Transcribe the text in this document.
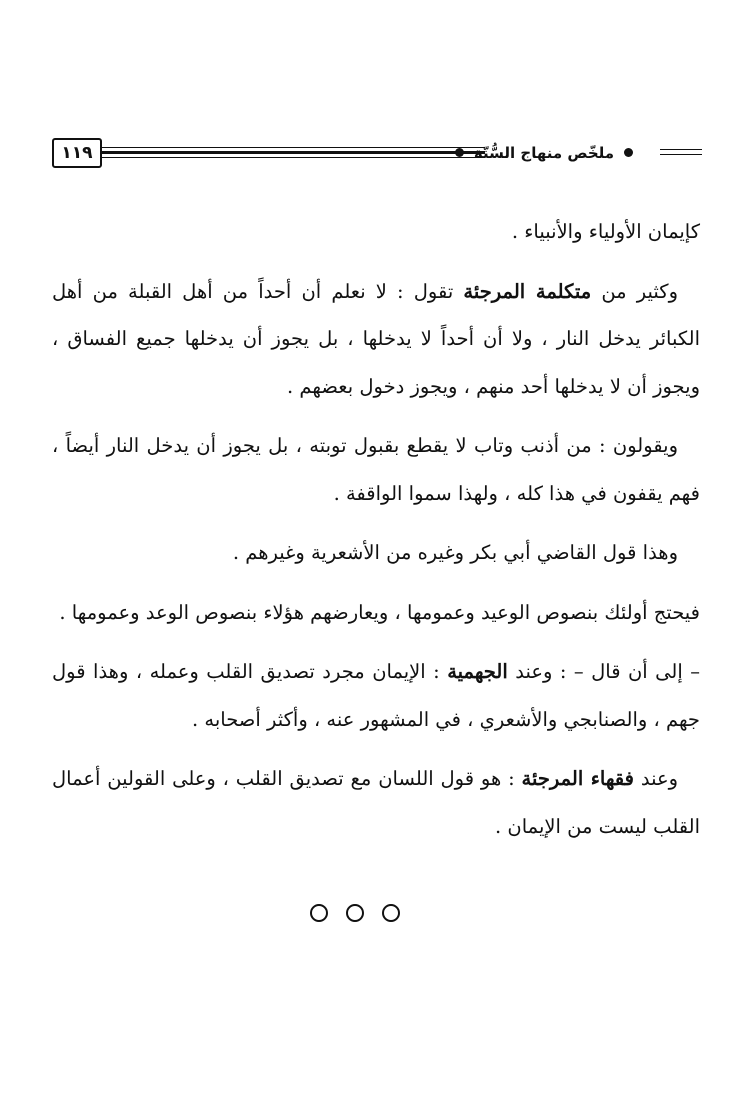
١١٩	ملخّص منهاج السُّنّة

كإيمان الأولياء والأنبياء .

وكثير من متكلمة المرجئة تقول : لا نعلم أن أحداً من أهل القبلة من أهل الكبائر يدخل النار ، ولا أن أحداً لا يدخلها ، بل يجوز أن يدخلها جميع الفساق ، ويجوز أن لا يدخلها أحد منهم ، ويجوز دخول بعضهم .

ويقولون : من أذنب وتاب لا يقطع بقبول توبته ، بل يجوز أن يدخل النار أيضاً ، فهم يقفون في هذا كله ، ولهذا سموا الواقفة .

وهذا قول القاضي أبي بكر وغيره من الأشعرية وغيرهم .

فيحتج أولئك بنصوص الوعيد وعمومها ، ويعارضهم هؤلاء بنصوص الوعد وعمومها .

– إلى أن قال – : وعند الجهمية : الإيمان مجرد تصديق القلب وعمله ، وهذا قول جهم ، والصنابجي والأشعري ، في المشهور عنه ، وأكثر أصحابه .

وعند فقهاء المرجئة : هو قول اللسان مع تصديق القلب ، وعلى القولين أعمال القلب ليست من الإيمان .
